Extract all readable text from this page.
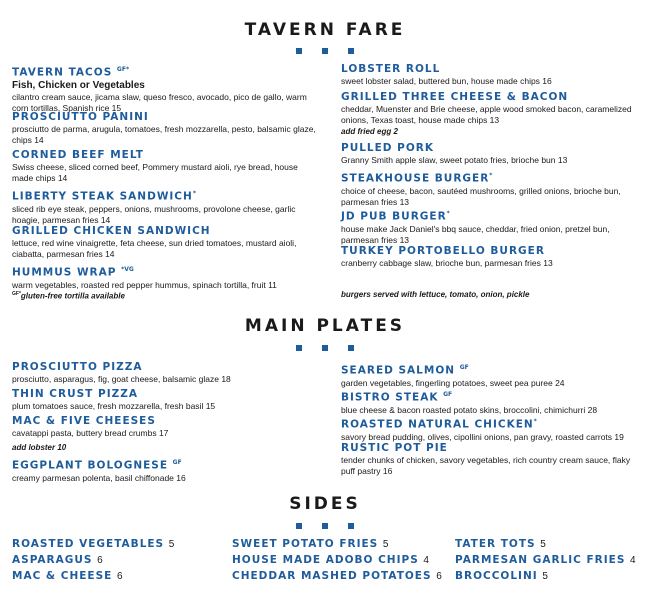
TAVERN FARE
TAVERN TACOS $^{GF*}$
Fish, Chicken or Vegetables
cilantro cream sauce, jicama slaw, queso fresco, avocado, pico de gallo, warm corn tortillas, Spanish rice 15
PROSCIUTTO PANINI
prosciutto de parma, arugula, tomatoes, fresh mozzarella, pesto, balsamic glaze, chips 14
CORNED BEEF MELT
Swiss cheese, sliced corned beef, Pommery mustard aioli, rye bread, house made chips 14
LIBERTY STEAK SANDWICH*
sliced rib eye steak, peppers, onions, mushrooms, provolone cheese, garlic hoagie, parmesan fries 14
GRILLED CHICKEN SANDWICH
lettuce, red wine vinaigrette, feta cheese, sun dried tomatoes, mustard aioli, ciabatta, parmesan fries 14
HUMMUS WRAP $^{*VG}$
warm vegetables, roasted red pepper hummus, spinach tortilla, fruit 11
$^{GF*}$gluten-free tortilla available
LOBSTER ROLL
sweet lobster salad, buttered bun, house made chips 16
GRILLED THREE CHEESE & BACON
cheddar, Muenster and Brie cheese, apple wood smoked bacon, caramelized onions, Texas toast, house made chips 13
add fried egg 2
PULLED PORK
Granny Smith apple slaw, sweet potato fries, brioche bun 13
STEAKHOUSE BURGER*
choice of cheese, bacon, sautéed mushrooms, grilled onions, brioche bun, parmesan fries 13
JD PUB BURGER*
house make Jack Daniel's bbq sauce, cheddar, fried onion, pretzel bun, parmesan fries 13
TURKEY PORTOBELLO BURGER
cranberry cabbage slaw, brioche bun, parmesan fries 13
burgers served with lettuce, tomato, onion, pickle
MAIN PLATES
PROSCIUTTO PIZZA
prosciutto, asparagus, fig, goat cheese, balsamic glaze 18
THIN CRUST PIZZA
plum tomatoes sauce, fresh mozzarella, fresh basil 15
MAC & FIVE CHEESES
cavatappi pasta, buttery bread crumbs 17
add lobster 10
EGGPLANT BOLOGNESE $^{GF}$
creamy parmesan polenta, basil chiffonade 16
SEARED SALMON $^{GF}$
garden vegetables, fingerling potatoes, sweet pea puree 24
BISTRO STEAK $^{GF}$
blue cheese & bacon roasted potato skins, broccolini, chimichurri 28
ROASTED NATURAL CHICKEN*
savory bread pudding, olives, cipollini onions, pan gravy, roasted carrots 19
RUSTIC POT PIE
tender chunks of chicken, savory vegetables, rich country cream sauce, flaky puff pastry 16
SIDES
ROASTED VEGETABLES 5
ASPARAGUS 6
MAC & CHEESE 6
SWEET POTATO FRIES 5
HOUSE MADE ADOBO CHIPS 4
CHEDDAR MASHED POTATOES 6
TATER TOTS 5
PARMESAN GARLIC FRIES 4
BROCCOLINI 5
